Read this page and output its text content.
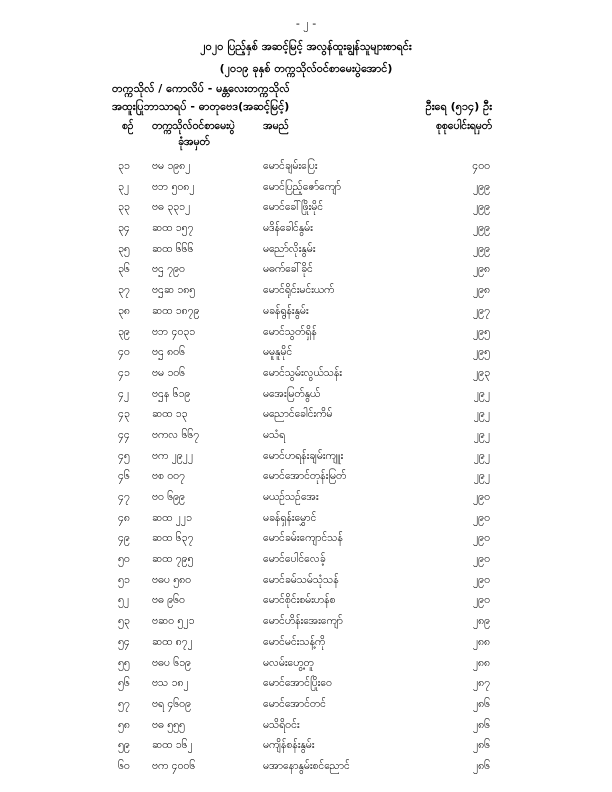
- ၂ -
၂၀၂၀ ပြည့်နှစ် အဆင့်မြင့် အလွန်ထူးချွန်သူများစာရင်း
(၂၀၁၉ ခုနှစ် တက္ကသိုလ်ဝင်စာမေးပွဲအောင်)
တက္ကသိုလ် / ကောလိပ် - မန္တလေးတက္ကသိုလ်
အထူးပြုဘာသာရပ် - ဓာတုဗေဒ(အဆင့်မြင့်)	ဦးရေ (၅၁၄) ဦး
စဉ် တက္ကသိုလ်ဝင်စာမေးပွဲ
ခုံအမှတ်
အမည်	စုစုပေါင်းရမှတ်
၃၁ ဗမ ၁၉၈၂	မောင်ချမ်းပြေး	၄၀၀
၃၂ ဗဘ ၅၀၈၂	မောင်ပြည့်ဇော်ကျော်	၂၉၉
၃၃ ဗဓ ၃၃၁၂	မောင်ခေါ်ဖြိုးမိုင်	၂၉၉
၃၄ ဆထ ၁၅၇	မဒိန်ခေါင်နွမ်း	၂၉၉
၃၅ ဆထ ၆၆၆	မညော်လိုးနွမ်း	၂၉၉
၃၆ ဗဌ ၇၉၀	မဓက်ခေါ်ခိုင်	၂၉၈
၃၇ ဗဌဆ ၁၈၅	မောင်ရိုင်းမင်းယက်	၂၉၈
၃၈ ဆထ ၁၈၇၉	မခန်ရွန်းနွမ်း	၂၉၇
၃၉ ဗဘ ၄၀၃၁	မောင်သွတ်ရှိန်	၂၉၅
၄၀ ဗဌ ၈၀၆	မမူနူမိုင်	၂၉၅
၄၁ ဗမ ၁၀၆	မောင်သွမ်းလွယ်သန်း	၂၉၃
၄၂ ဗဌန ၆၁၉	မအေးမြတ်နွယ်	၂၉၂
၄၃ ဆထ ၁၃	မညောင်ခေါင်းကိမ်	၂၉၂
၄၄ ဗကလ ၆၆၇	မသံရ	၂၉၂
၄၅ ဗက ၂၉၂၂	မောင်ဟရန်းချမ်းကျူး	၂၉၂
၄၆ ဗစ ၀၀၇	မောင်အောင်တုန်းမြတ်	၂၉၂
၄၇ ဗဝ ၆၉၉	မယဉ်သဉ်အေး	၂၉၀
၄၈ ဆထ ၂၂၁	မခန်ရှန်းမွှောင်	၂၉၀
၄၉ ဆထ ၆၃၇	မောင်ခမ်းကျောင်သန်	၂၉၀
၅၀ ဆထ ၇၉၅	မောင်ပေါင်လေခ့်	၂၉၀
၅၁ ဗဓပ ၅၈၀	မောင်ခမ်သမ်သုံသန်	၂၉၀
၅၂ ဗဓ ၉၆၀	မောင်စိုင်းစမ်းဟန်စ	၂၉၀
၅၃ ဗဆဝ ၅၂၁	မောင်ဟိန်းအေးကျော်	၂၈၉
၅၄ ဆထ ၈၇၂	မောင်မင်းသန့်ကို	၂၈၈
၅၅ ဗဓပ ၆၁၉	မလမ်းဟွေ့တူ	၂၈၈
၅၆ ဗသ ၁၈၂	မောင်အောင်ပြိုးဝေ	၂၈၇
၅၇ ဗရ ၄၆၀၉	မောင်အောင်တင်	၂၈၆
၅၈ ဗဓ ၅၅၅	မသိရိဝင်း	၂၈၆
၅၉ ဆထ ၁၆၂	မကျိန်စန်းနွမ်း	၂၈၆
၆၀ ဗက ၄၀၀၆	မအာနောနွမ်းစင်ညောင်	၂၈၆
